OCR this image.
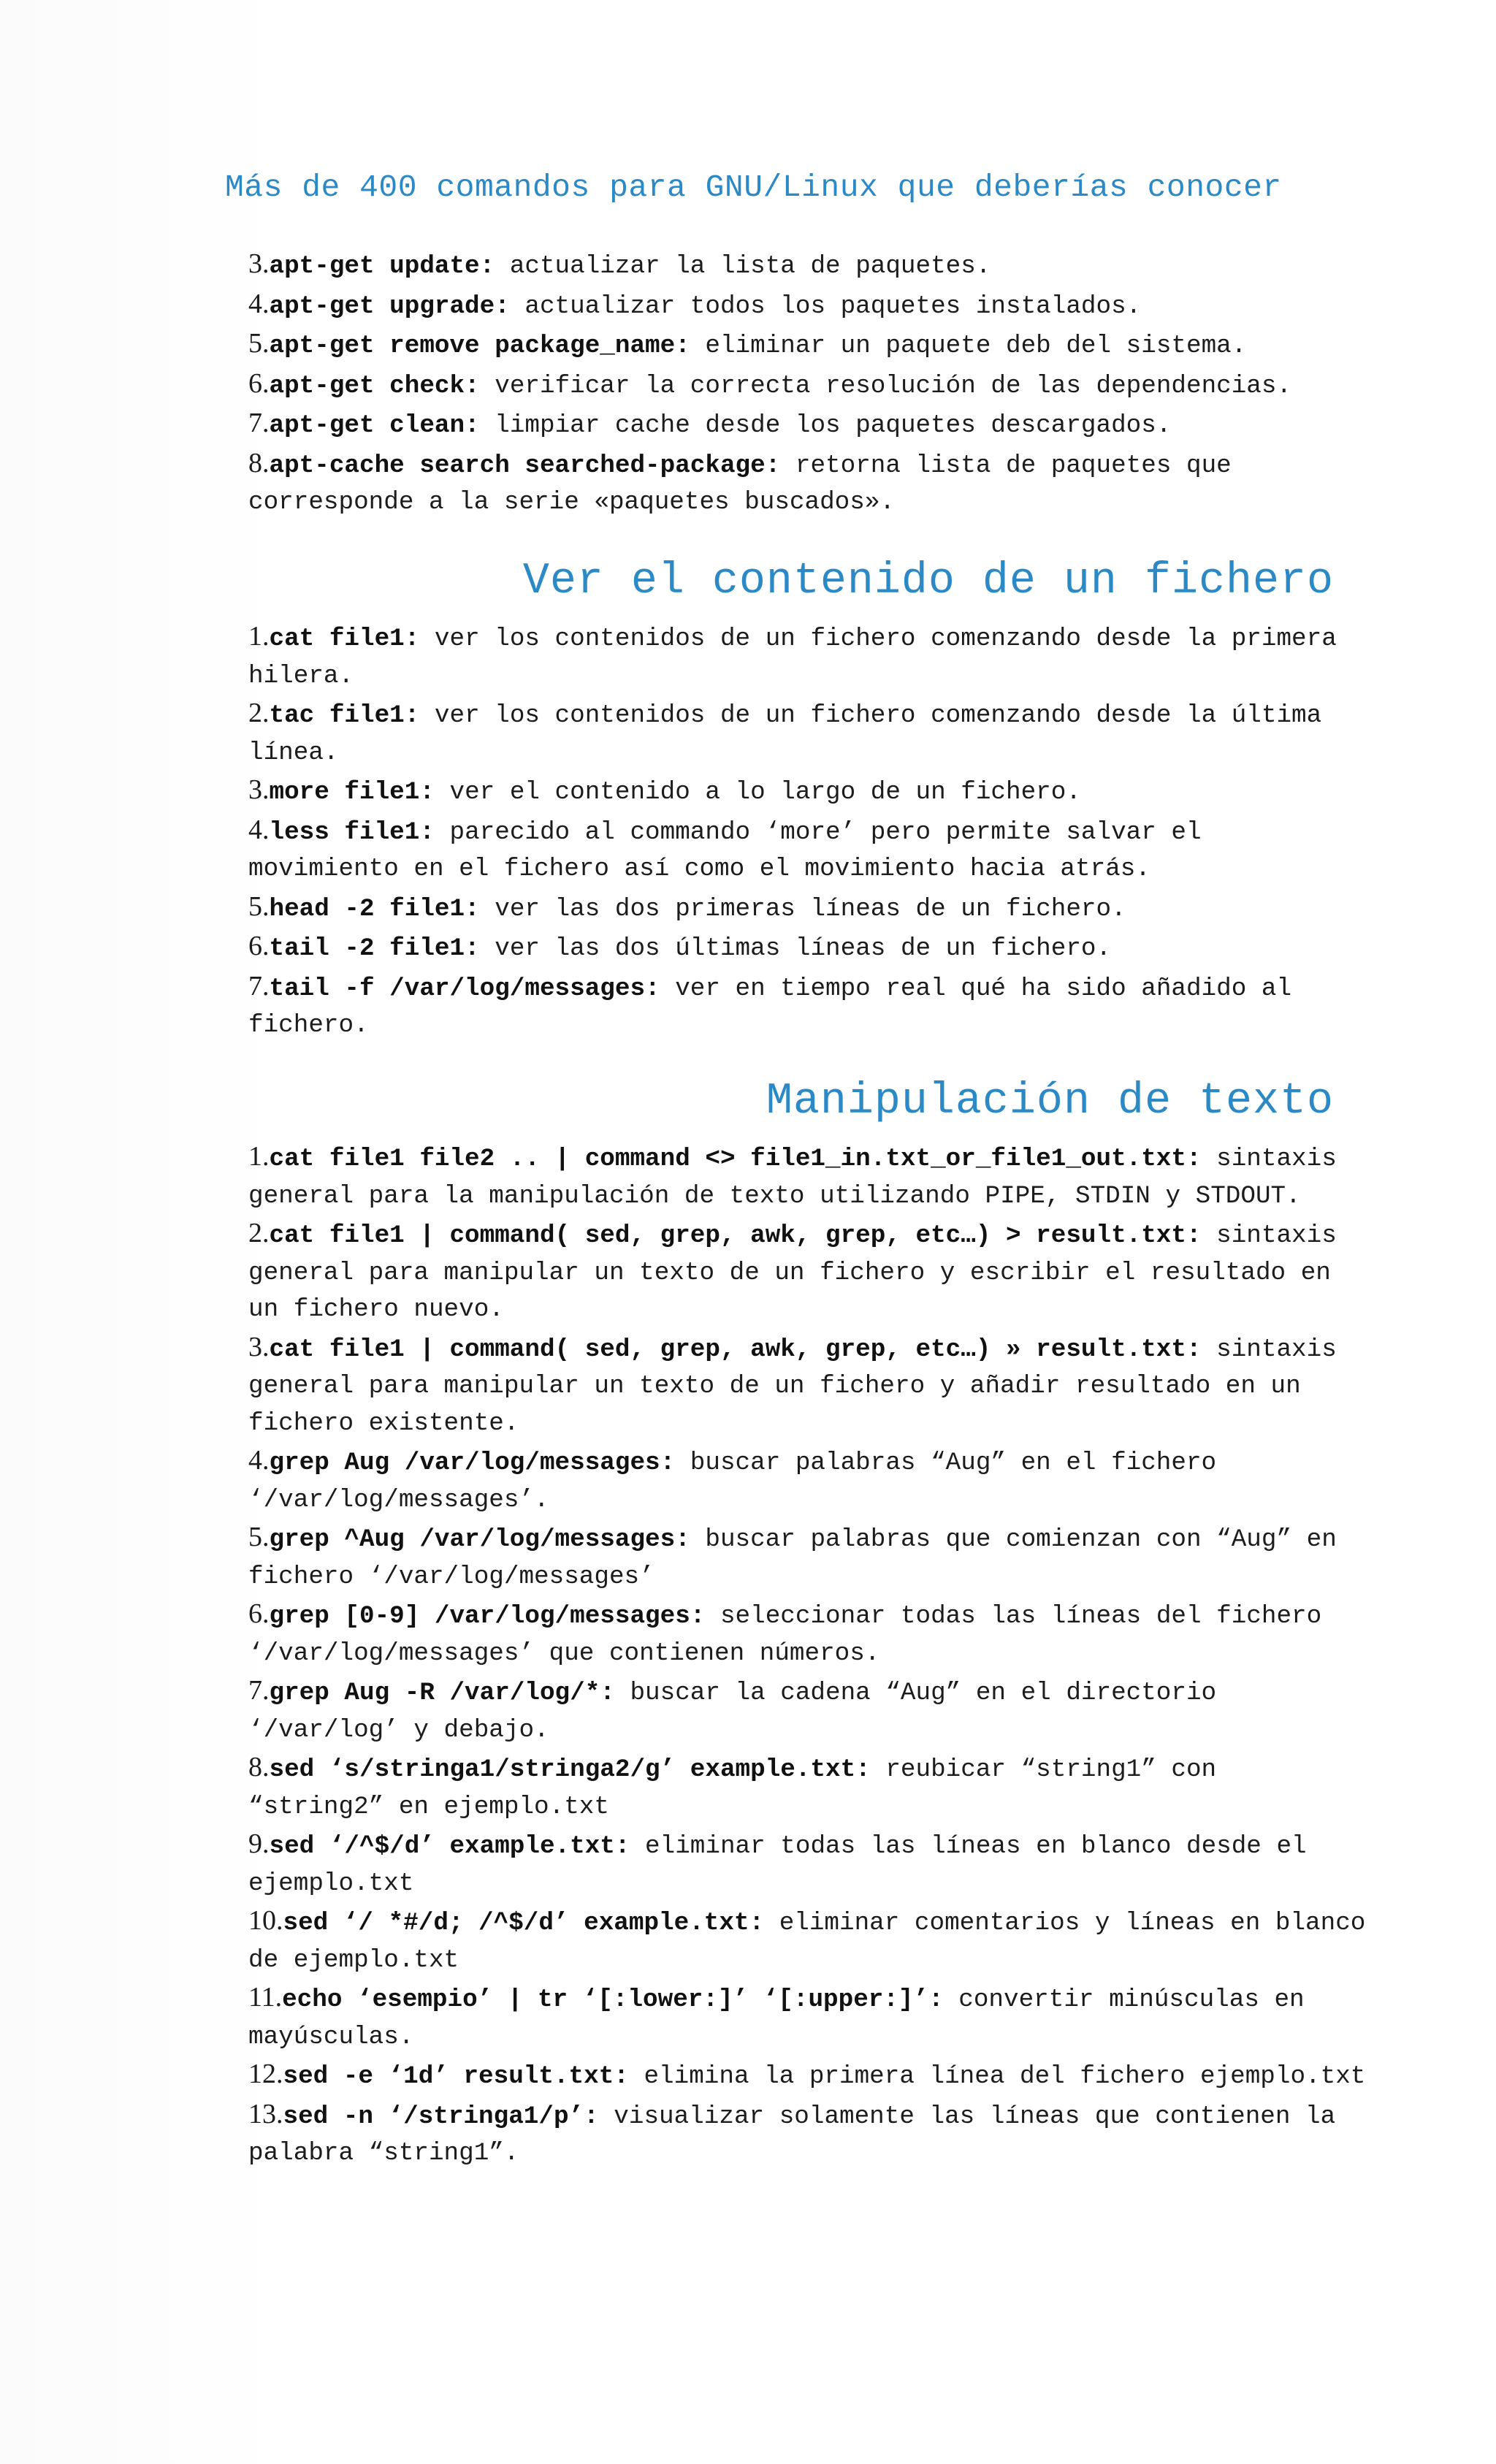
Más de 400 comandos para GNU/Linux que deberías conocer
3.apt-get update: actualizar la lista de paquetes.
4.apt-get upgrade: actualizar todos los paquetes instalados.
5.apt-get remove package_name: eliminar un paquete deb del sistema.
6.apt-get check: verificar la correcta resolución de las dependencias.
7.apt-get clean: limpiar cache desde los paquetes descargados.
8.apt-cache search searched-package: retorna lista de paquetes que corresponde a la serie «paquetes buscados».
Ver el contenido de un fichero
1.cat file1: ver los contenidos de un fichero comenzando desde la primera hilera.
2.tac file1: ver los contenidos de un fichero comenzando desde la última línea.
3.more file1: ver el contenido a lo largo de un fichero.
4.less file1: parecido al commando ‘more’ pero permite salvar el movimiento en el fichero así como el movimiento hacia atrás.
5.head -2 file1: ver las dos primeras líneas de un fichero.
6.tail -2 file1: ver las dos últimas líneas de un fichero.
7.tail -f /var/log/messages: ver en tiempo real qué ha sido añadido al fichero.
Manipulación de texto
1.cat file1 file2 .. | command <> file1_in.txt_or_file1_out.txt: sintaxis general para la manipulación de texto utilizando PIPE, STDIN y STDOUT.
2.cat file1 | command( sed, grep, awk, grep, etc…) > result.txt: sintaxis general para manipular un texto de un fichero y escribir el resultado en un fichero nuevo.
3.cat file1 | command( sed, grep, awk, grep, etc…) » result.txt: sintaxis general para manipular un texto de un fichero y añadir resultado en un fichero existente.
4.grep Aug /var/log/messages: buscar palabras “Aug” en el fichero ‘/var/log/messages’.
5.grep ^Aug /var/log/messages: buscar palabras que comienzan con “Aug” en fichero ‘/var/log/messages’
6.grep [0-9] /var/log/messages: seleccionar todas las líneas del fichero ‘/var/log/messages’ que contienen números.
7.grep Aug -R /var/log/*: buscar la cadena “Aug” en el directorio ‘/var/log’ y debajo.
8.sed ‘s/stringa1/stringa2/g’ example.txt: reubicar “string1” con “string2” en ejemplo.txt
9.sed ‘/^$/d’ example.txt: eliminar todas las líneas en blanco desde el ejemplo.txt
10.sed ‘/ *#/d; /^$/d’ example.txt: eliminar comentarios y líneas en blanco de ejemplo.txt
11.echo ‘esempio’ | tr ‘[:lower:]’ ‘[:upper:]’: convertir minúsculas en mayúsculas.
12.sed -e ‘1d’ result.txt: elimina la primera línea del fichero ejemplo.txt
13.sed -n ‘/stringa1/p’: visualizar solamente las líneas que contienen la palabra “string1”.
